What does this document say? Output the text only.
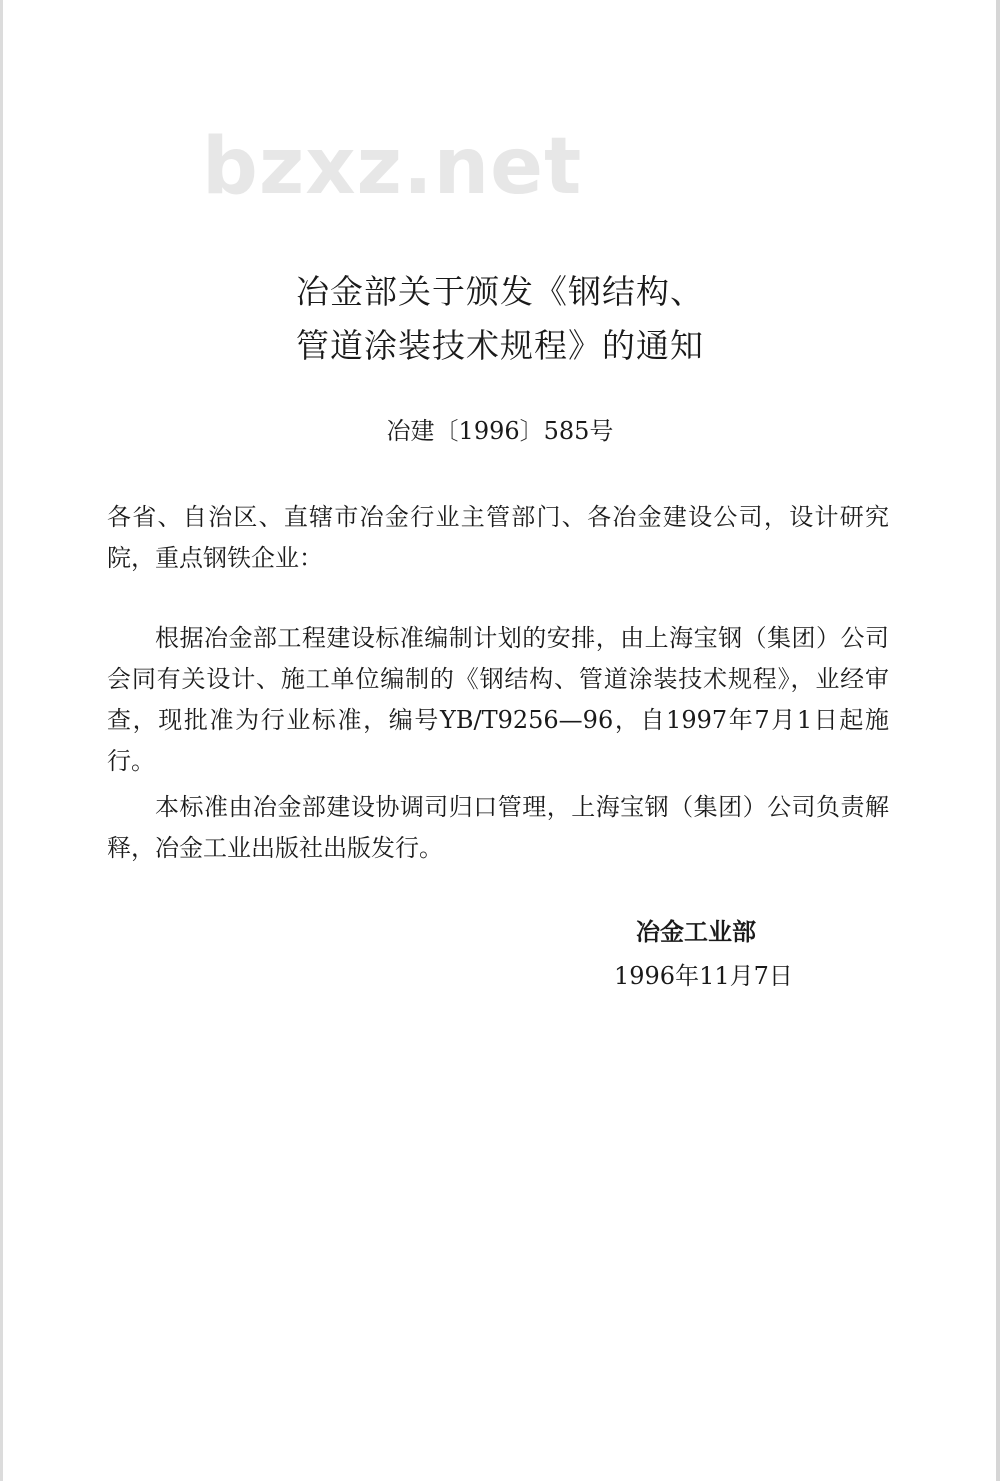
bzxz.net
冶金部关于颁发《钢结构、
管道涂装技术规程》的通知
冶建〔1996〕585号
各省、自治区、直辖市冶金行业主管部门、各冶金建设公司，设计研究院，重点钢铁企业：
根据冶金部工程建设标准编制计划的安排，由上海宝钢（集团）公司会同有关设计、施工单位编制的《钢结构、管道涂装技术规程》，业经审查，现批准为行业标准，编号YB/T9256—96，自1997年7月1日起施行。
本标准由冶金部建设协调司归口管理，上海宝钢（集团）公司负责解释，冶金工业出版社出版发行。
冶金工业部
1996年11月7日
